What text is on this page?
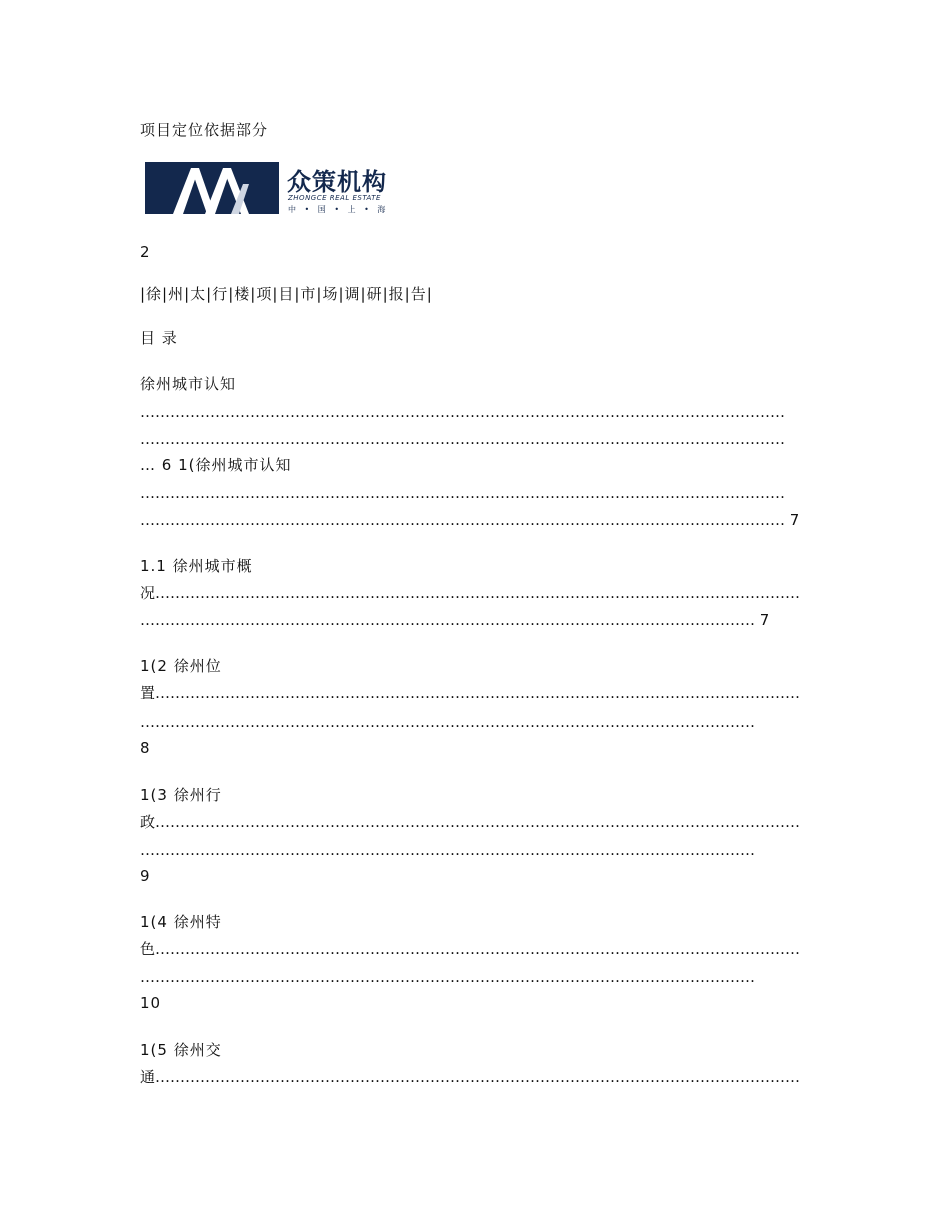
项目定位依据部分
众策机构
ZHONGCE REAL ESTATE
中 • 国 • 上 • 海
2
|徐|州|太|行|楼|项|目|市|场|调|研|报|告|
目 录
徐州城市认知
…………………………………………………………………………………………………………………
…………………………………………………………………………………………………………………
… 6 1(徐州城市认知
…………………………………………………………………………………………………………………
………………………………………………………………………………………………………………… 7
1.1 徐州城市概
况…………………………………………………………………………………………………………………
…………………………………………………………………………………………………………… 7
1(2 徐州位
置…………………………………………………………………………………………………………………
……………………………………………………………………………………………………………
8
1(3 徐州行
政…………………………………………………………………………………………………………………
……………………………………………………………………………………………………………
9
1(4 徐州特
色…………………………………………………………………………………………………………………
……………………………………………………………………………………………………………
10
1(5 徐州交
通…………………………………………………………………………………………………………………
